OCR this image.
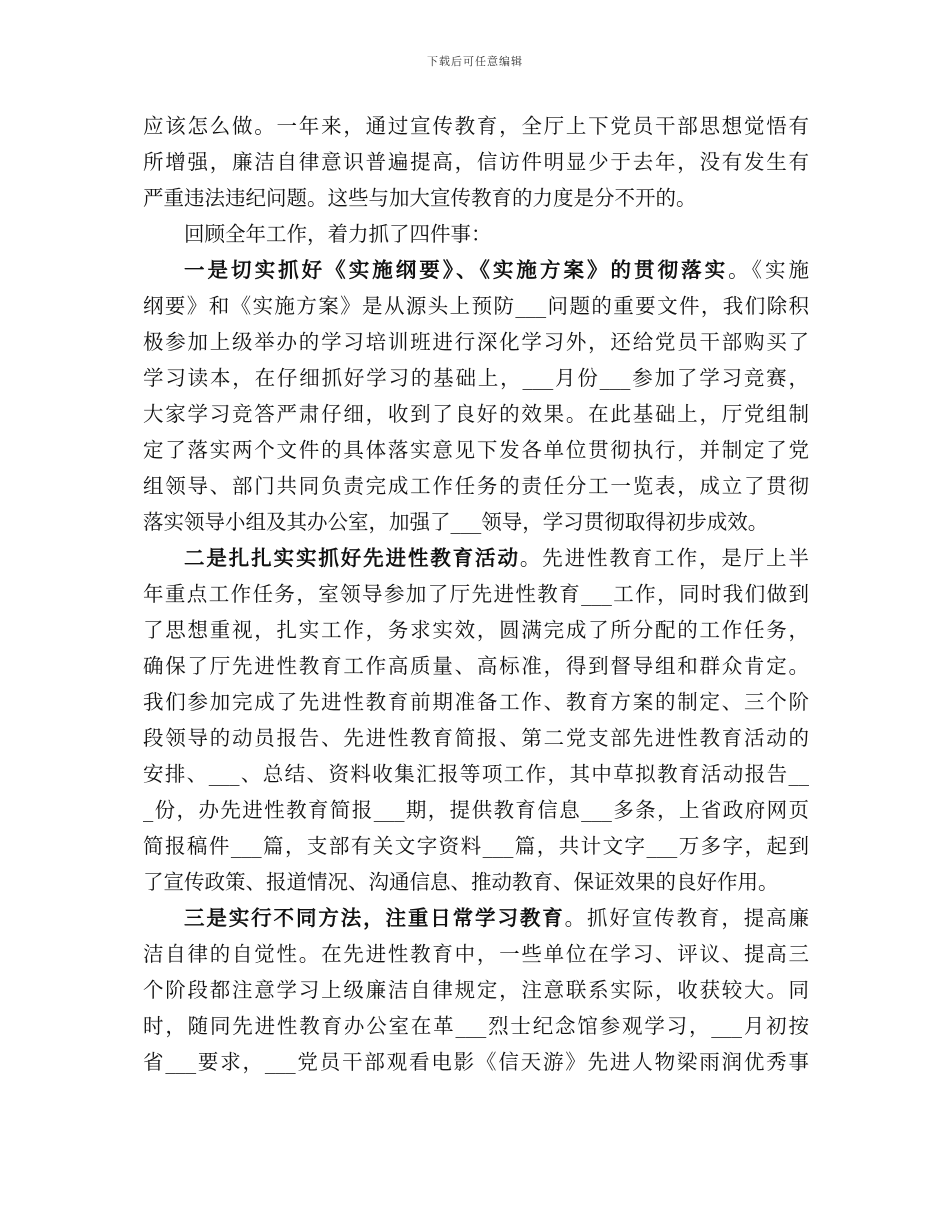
下载后可任意编辑
应该怎么做。一年来，通过宣传教育，全厅上下党员干部思想觉悟有
所增强，廉洁自律意识普遍提高，信访件明显少于去年，没有发生有
严重违法违纪问题。这些与加大宣传教育的力度是分不开的。
回顾全年工作，着力抓了四件事：
一是切实抓好《实施纲要》、《实施方案》的贯彻落实。《实施
纲要》和《实施方案》是从源头上预防___问题的重要文件，我们除积
极参加上级举办的学习培训班进行深化学习外，还给党员干部购买了
学习读本，在仔细抓好学习的基础上，___月份___参加了学习竞赛，
大家学习竞答严肃仔细，收到了良好的效果。在此基础上，厅党组制
定了落实两个文件的具体落实意见下发各单位贯彻执行，并制定了党
组领导、部门共同负责完成工作任务的责任分工一览表，成立了贯彻
落实领导小组及其办公室，加强了___领导，学习贯彻取得初步成效。
二是扎扎实实抓好先进性教育活动。先进性教育工作，是厅上半
年重点工作任务，室领导参加了厅先进性教育___工作，同时我们做到
了思想重视，扎实工作，务求实效，圆满完成了所分配的工作任务，
确保了厅先进性教育工作高质量、高标准，得到督导组和群众肯定。
我们参加完成了先进性教育前期准备工作、教育方案的制定、三个阶
段领导的动员报告、先进性教育简报、第二党支部先进性教育活动的
安排、___、总结、资料收集汇报等项工作，其中草拟教育活动报告__
_份，办先进性教育简报___期，提供教育信息___多条，上省政府网页
简报稿件___篇，支部有关文字资料___篇，共计文字___万多字，起到
了宣传政策、报道情况、沟通信息、推动教育、保证效果的良好作用。
三是实行不同方法，注重日常学习教育。抓好宣传教育，提高廉
洁自律的自觉性。在先进性教育中，一些单位在学习、评议、提高三
个阶段都注意学习上级廉洁自律规定，注意联系实际，收获较大。同
时，随同先进性教育办公室在革___烈士纪念馆参观学习，___月初按
省___要求，___党员干部观看电影《信天游》先进人物梁雨润优秀事
